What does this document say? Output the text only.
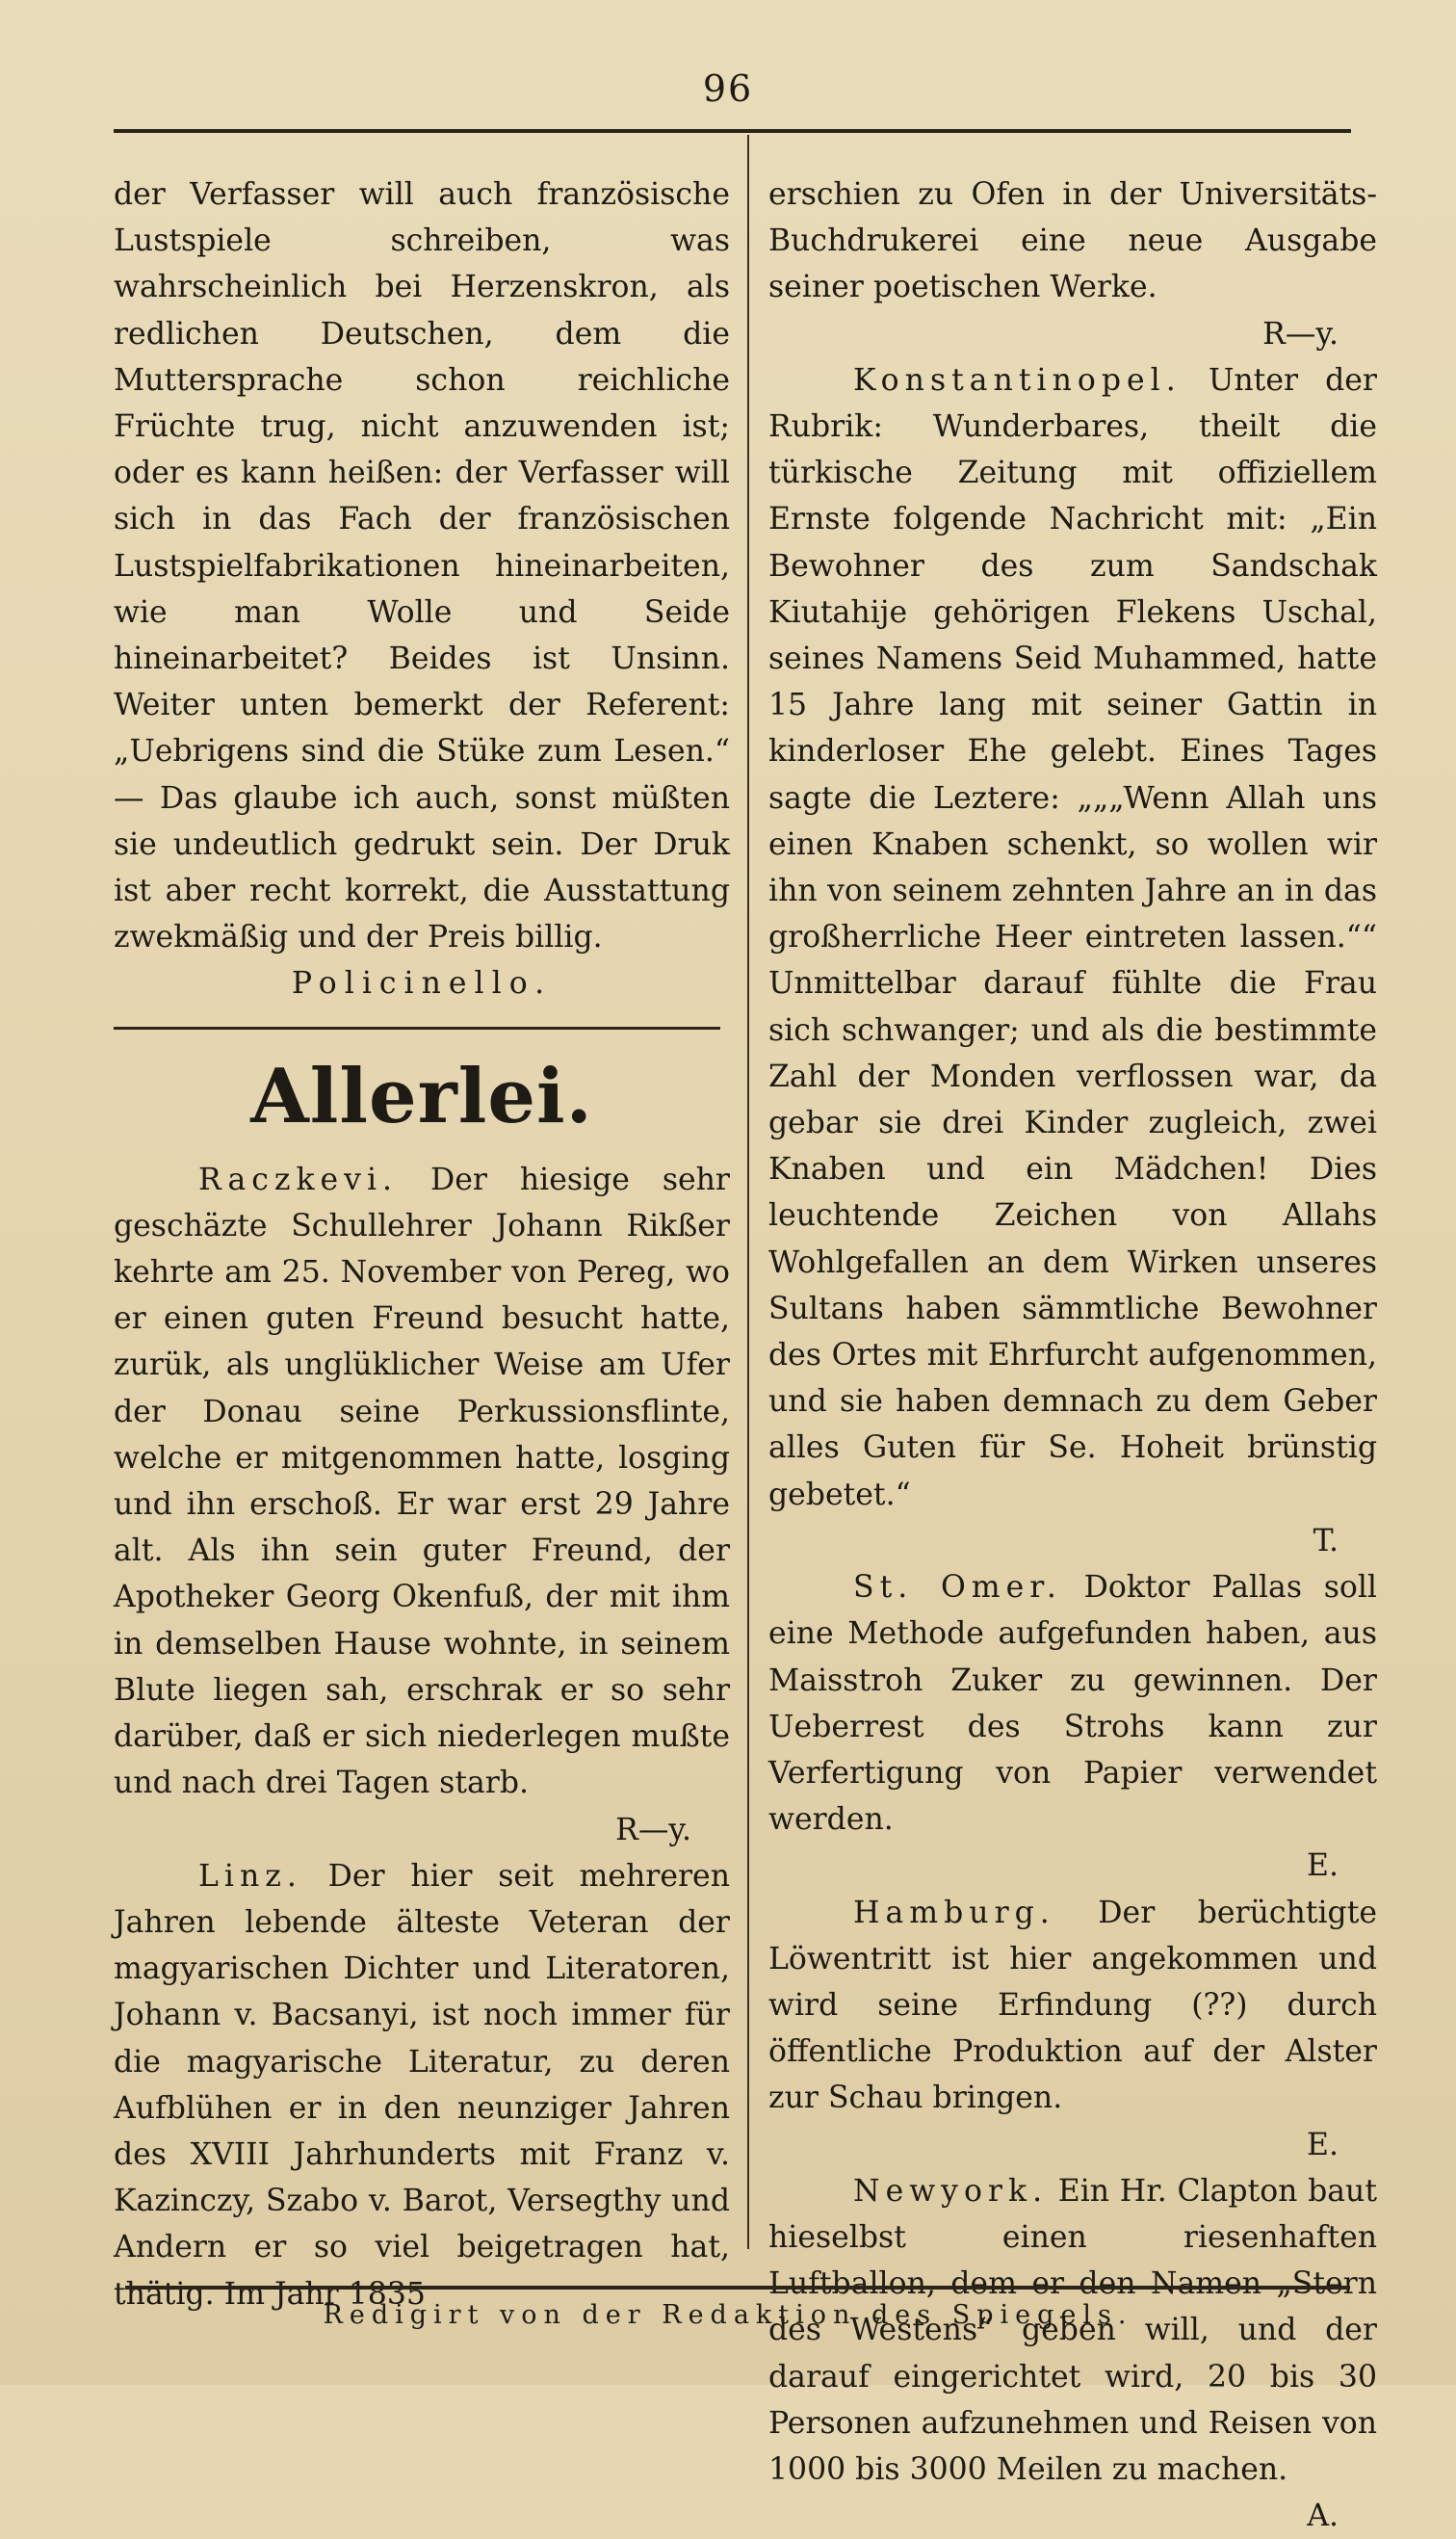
96

der Verfasser will auch französische Lustspiele schreiben, was wahrscheinlich bei Herzenskron, als redlichen Deutschen, dem die Muttersprache schon reichliche Früchte trug, nicht anzuwenden ist; oder es kann heißen: der Verfasser will sich in das Fach der französischen Lustspielfabrikationen hineinarbeiten, wie man Wolle und Seide hineinarbeitet? Beides ist Unsinn. Weiter unten bemerkt der Referent: „Uebrigens sind die Stüke zum Lesen.“ — Das glaube ich auch, sonst müßten sie undeutlich gedrukt sein. Der Druk ist aber recht korrekt, die Ausstattung zwekmäßig und der Preis billig.

Policinello.

Allerlei.

Raczkevi. Der hiesige sehr geschäzte Schullehrer Johann Rikßer kehrte am 25. November von Pereg, wo er einen guten Freund besucht hatte, zurük, als unglüklicher Weise am Ufer der Donau seine Perkussionsflinte, welche er mitgenommen hatte, losging und ihn erschoß. Er war erst 29 Jahre alt. Als ihn sein guter Freund, der Apotheker Georg Okenfuß, der mit ihm in demselben Hause wohnte, in seinem Blute liegen sah, erschrak er so sehr darüber, daß er sich niederlegen mußte und nach drei Tagen starb.

R—y.

Linz. Der hier seit mehreren Jahren lebende älteste Veteran der magyarischen Dichter und Literatoren, Johann v. Bacsanyi, ist noch immer für die magyarische Literatur, zu deren Aufblühen er in den neunziger Jahren des XVIII Jahrhunderts mit Franz v. Kazinczy, Szabo v. Barot, Versegthy und Andern er so viel beigetragen hat, thätig. Im Jahr 1835

erschien zu Ofen in der Universitäts-Buchdrukerei eine neue Ausgabe seiner poetischen Werke.

R—y.

Konstantinopel. Unter der Rubrik: Wunderbares, theilt die türkische Zeitung mit offiziellem Ernste folgende Nachricht mit: „Ein Bewohner des zum Sandschak Kiutahije gehörigen Flekens Uschal, seines Namens Seid Muhammed, hatte 15 Jahre lang mit seiner Gattin in kinderloser Ehe gelebt. Eines Tages sagte die Leztere: „„„Wenn Allah uns einen Knaben schenkt, so wollen wir ihn von seinem zehnten Jahre an in das großherrliche Heer eintreten lassen.““ Unmittelbar darauf fühlte die Frau sich schwanger; und als die bestimmte Zahl der Monden verflossen war, da gebar sie drei Kinder zugleich, zwei Knaben und ein Mädchen! Dies leuchtende Zeichen von Allahs Wohlgefallen an dem Wirken unseres Sultans haben sämmtliche Bewohner des Ortes mit Ehrfurcht aufgenommen, und sie haben demnach zu dem Geber alles Guten für Se. Hoheit brünstig gebetet.“

T.

St. Omer. Doktor Pallas soll eine Methode aufgefunden haben, aus Maisstroh Zuker zu gewinnen. Der Ueberrest des Strohs kann zur Verfertigung von Papier verwendet werden.

E.

Hamburg. Der berüchtigte Löwentritt ist hier angekommen und wird seine Erfindung (??) durch öffentliche Produktion auf der Alster zur Schau bringen.

E.

Newyork. Ein Hr. Clapton baut hieselbst einen riesenhaften Luftballon, dem er den Namen „Stern des Westens“ geben will, und der darauf eingerichtet wird, 20 bis 30 Personen aufzunehmen und Reisen von 1000 bis 3000 Meilen zu machen.

A.

Redigirt von der Redaktion des Spiegels.
